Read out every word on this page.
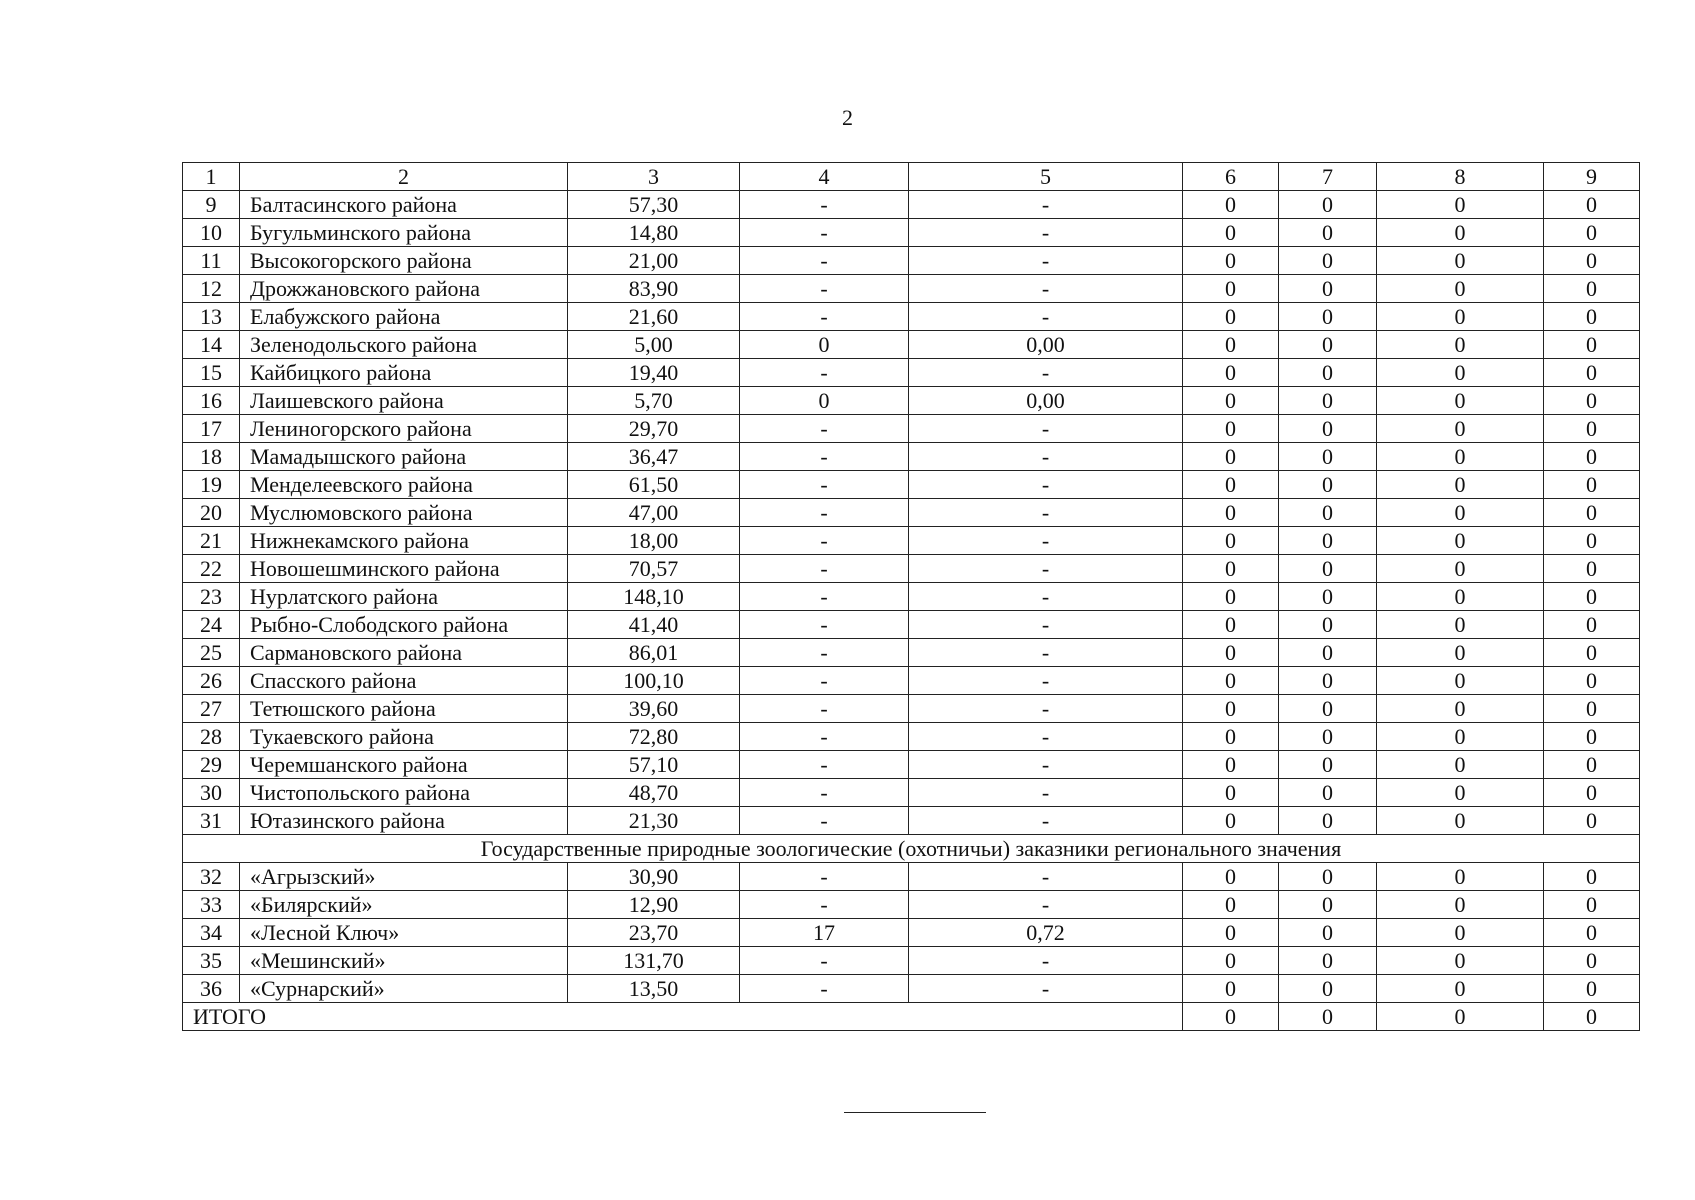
2
1	2	3	4	5	6	7	8	9
9	Балтасинского района	57,30	-	-	0	0	0	0
10	Бугульминского района	14,80	-	-	0	0	0	0
11	Высокогорского района	21,00	-	-	0	0	0	0
12	Дрожжановского района	83,90	-	-	0	0	0	0
13	Елабужского района	21,60	-	-	0	0	0	0
14	Зеленодольского района	5,00	0	0,00	0	0	0	0
15	Кайбицкого района	19,40	-	-	0	0	0	0
16	Лаишевского района	5,70	0	0,00	0	0	0	0
17	Лениногорского района	29,70	-	-	0	0	0	0
18	Мамадышского района	36,47	-	-	0	0	0	0
19	Менделеевского района	61,50	-	-	0	0	0	0
20	Муслюмовского района	47,00	-	-	0	0	0	0
21	Нижнекамского района	18,00	-	-	0	0	0	0
22	Новошешминского района	70,57	-	-	0	0	0	0
23	Нурлатского района	148,10	-	-	0	0	0	0
24	Рыбно-Слободского района	41,40	-	-	0	0	0	0
25	Сармановского района	86,01	-	-	0	0	0	0
26	Спасского района	100,10	-	-	0	0	0	0
27	Тетюшского района	39,60	-	-	0	0	0	0
28	Тукаевского района	72,80	-	-	0	0	0	0
29	Черемшанского района	57,10	-	-	0	0	0	0
30	Чистопольского района	48,70	-	-	0	0	0	0
31	Ютазинского района	21,30	-	-	0	0	0	0
Государственные природные зоологические (охотничьи) заказники регионального значения								
32	«Агрызский»	30,90	-	-	0	0	0	0
33	«Билярский»	12,90	-	-	0	0	0	0
34	«Лесной Ключ»	23,70	17	0,72	0	0	0	0
35	«Мешинский»	131,70	-	-	0	0	0	0
36	«Сурнарский»	13,50	-	-	0	0	0	0
ИТОГО					0	0	0	0
